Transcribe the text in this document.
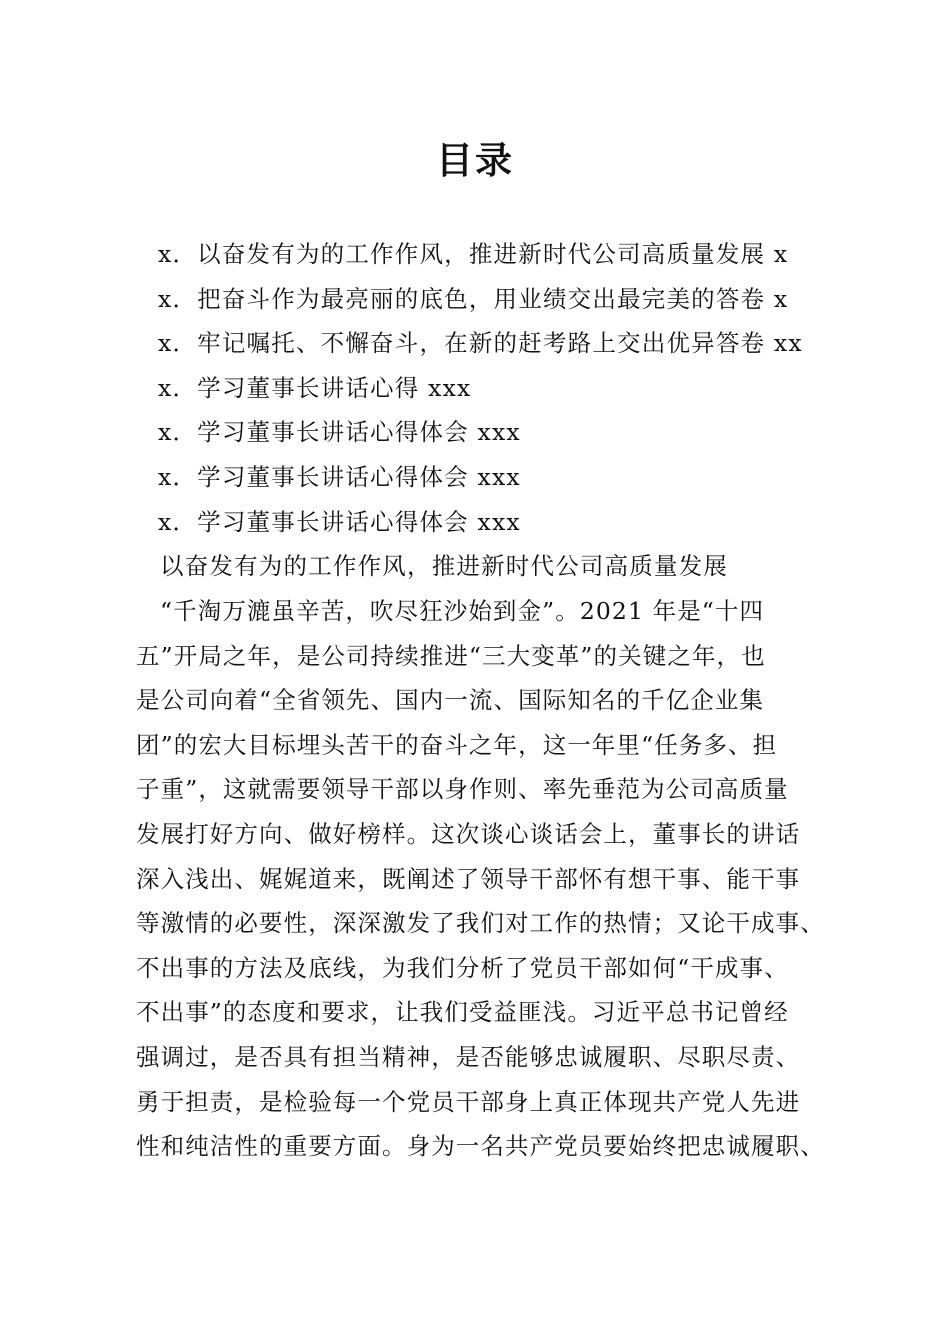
目录
x．以奋发有为的工作作风，推进新时代公司高质量发展 x
x．把奋斗作为最亮丽的底色，用业绩交出最完美的答卷 x
x．牢记嘱托、不懈奋斗，在新的赶考路上交出优异答卷 xx
x．学习董事长讲话心得 xxx
x．学习董事长讲话心得体会 xxx
x．学习董事长讲话心得体会 xxx
x．学习董事长讲话心得体会 xxx
以奋发有为的工作作风，推进新时代公司高质量发展
“千淘万漉虽辛苦，吹尽狂沙始到金”。2021 年是“十四
五”开局之年，是公司持续推进“三大变革”的关键之年，也
是公司向着“全省领先、国内一流、国际知名的千亿企业集
团”的宏大目标埋头苦干的奋斗之年，这一年里“任务多、担
子重”，这就需要领导干部以身作则、率先垂范为公司高质量
发展打好方向、做好榜样。这次谈心谈话会上，董事长的讲话
深入浅出、娓娓道来，既阐述了领导干部怀有想干事、能干事
等激情的必要性，深深激发了我们对工作的热情；又论干成事、
不出事的方法及底线，为我们分析了党员干部如何“干成事、
不出事”的态度和要求，让我们受益匪浅。习近平总书记曾经
强调过，是否具有担当精神，是否能够忠诚履职、尽职尽责、
勇于担责，是检验每一个党员干部身上真正体现共产党人先进
性和纯洁性的重要方面。身为一名共产党员要始终把忠诚履职、
